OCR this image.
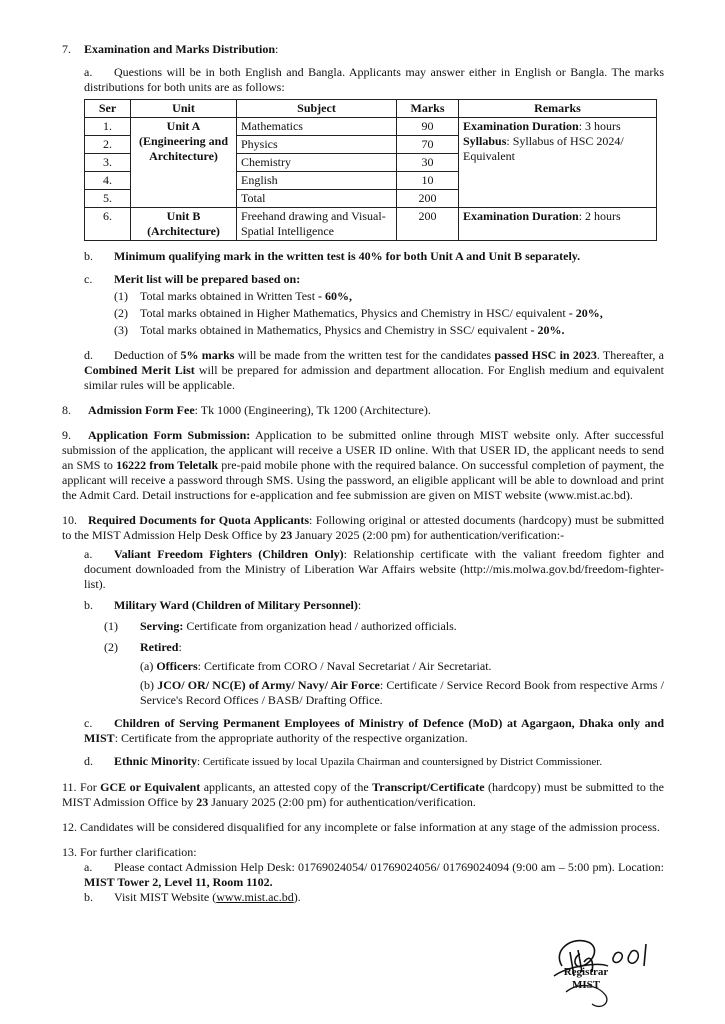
7. Examination and Marks Distribution:

a. Questions will be in both English and Bangla. Applicants may answer either in English or Bangla. The marks distributions for both units are as follows:

Ser	Unit	Subject	Marks	Remarks
1.	Unit A (Engineering and Architecture)	Mathematics	90	Examination Duration: 3 hours
Syllabus: Syllabus of HSC 2024/ Equivalent
2.		Physics	70	
3.		Chemistry	30	
4.		English	10	
5.		Total	200	
6.	Unit B (Architecture)	Freehand drawing and Visual-Spatial Intelligence	200	Examination Duration: 2 hours

b. Minimum qualifying mark in the written test is 40% for both Unit A and Unit B separately.

c. Merit list will be prepared based on:

(1) Total marks obtained in Written Test - 60%,
(2) Total marks obtained in Higher Mathematics, Physics and Chemistry in HSC/ equivalent - 20%,
(3) Total marks obtained in Mathematics, Physics and Chemistry in SSC/ equivalent - 20%.

d. Deduction of 5% marks will be made from the written test for the candidates passed HSC in 2023. Thereafter, a Combined Merit List will be prepared for admission and department allocation. For English medium and equivalent similar rules will be applicable.

8. Admission Form Fee: Tk 1000 (Engineering), Tk 1200 (Architecture).

9. Application Form Submission: Application to be submitted online through MIST website only. After successful submission of the application, the applicant will receive a USER ID online. With that USER ID, the applicant needs to send an SMS to 16222 from Teletalk pre-paid mobile phone with the required balance. On successful completion of payment, the applicant will receive a password through SMS. Using the password, an eligible applicant will be able to download and print the Admit Card. Detail instructions for e-application and fee submission are given on MIST website (www.mist.ac.bd).

10. Required Documents for Quota Applicants: Following original or attested documents (hardcopy) must be submitted to the MIST Admission Help Desk Office by 23 January 2025 (2:00 pm) for authentication/verification:-

a. Valiant Freedom Fighters (Children Only): Relationship certificate with the valiant freedom fighter and document downloaded from the Ministry of Liberation War Affairs website (http://mis.molwa.gov.bd/freedom-fighter-list).

b. Military Ward (Children of Military Personnel):

(1) Serving: Certificate from organization head / authorized officials.

(2) Retired:

(a) Officers: Certificate from CORO / Naval Secretariat / Air Secretariat.

(b) JCO/ OR/ NC(E) of Army/ Navy/ Air Force: Certificate / Service Record Book from respective Arms / Service's Record Offices / BASB/ Drafting Office.

c. Children of Serving Permanent Employees of Ministry of Defence (MoD) at Agargaon, Dhaka only and MIST: Certificate from the appropriate authority of the respective organization.

d. Ethnic Minority: Certificate issued by local Upazila Chairman and countersigned by District Commissioner.

11. For GCE or Equivalent applicants, an attested copy of the Transcript/Certificate (hardcopy) must be submitted to the MIST Admission Office by 23 January 2025 (2:00 pm) for authentication/verification.

12. Candidates will be considered disqualified for any incomplete or false information at any stage of the admission process.

13. For further clarification:

a. Please contact Admission Help Desk: 01769024054/ 01769024056/ 01769024094 (9:00 am – 5:00 pm). Location: MIST Tower 2, Level 11, Room 1102.

b. Visit MIST Website (www.mist.ac.bd).

Registrar
MIST
